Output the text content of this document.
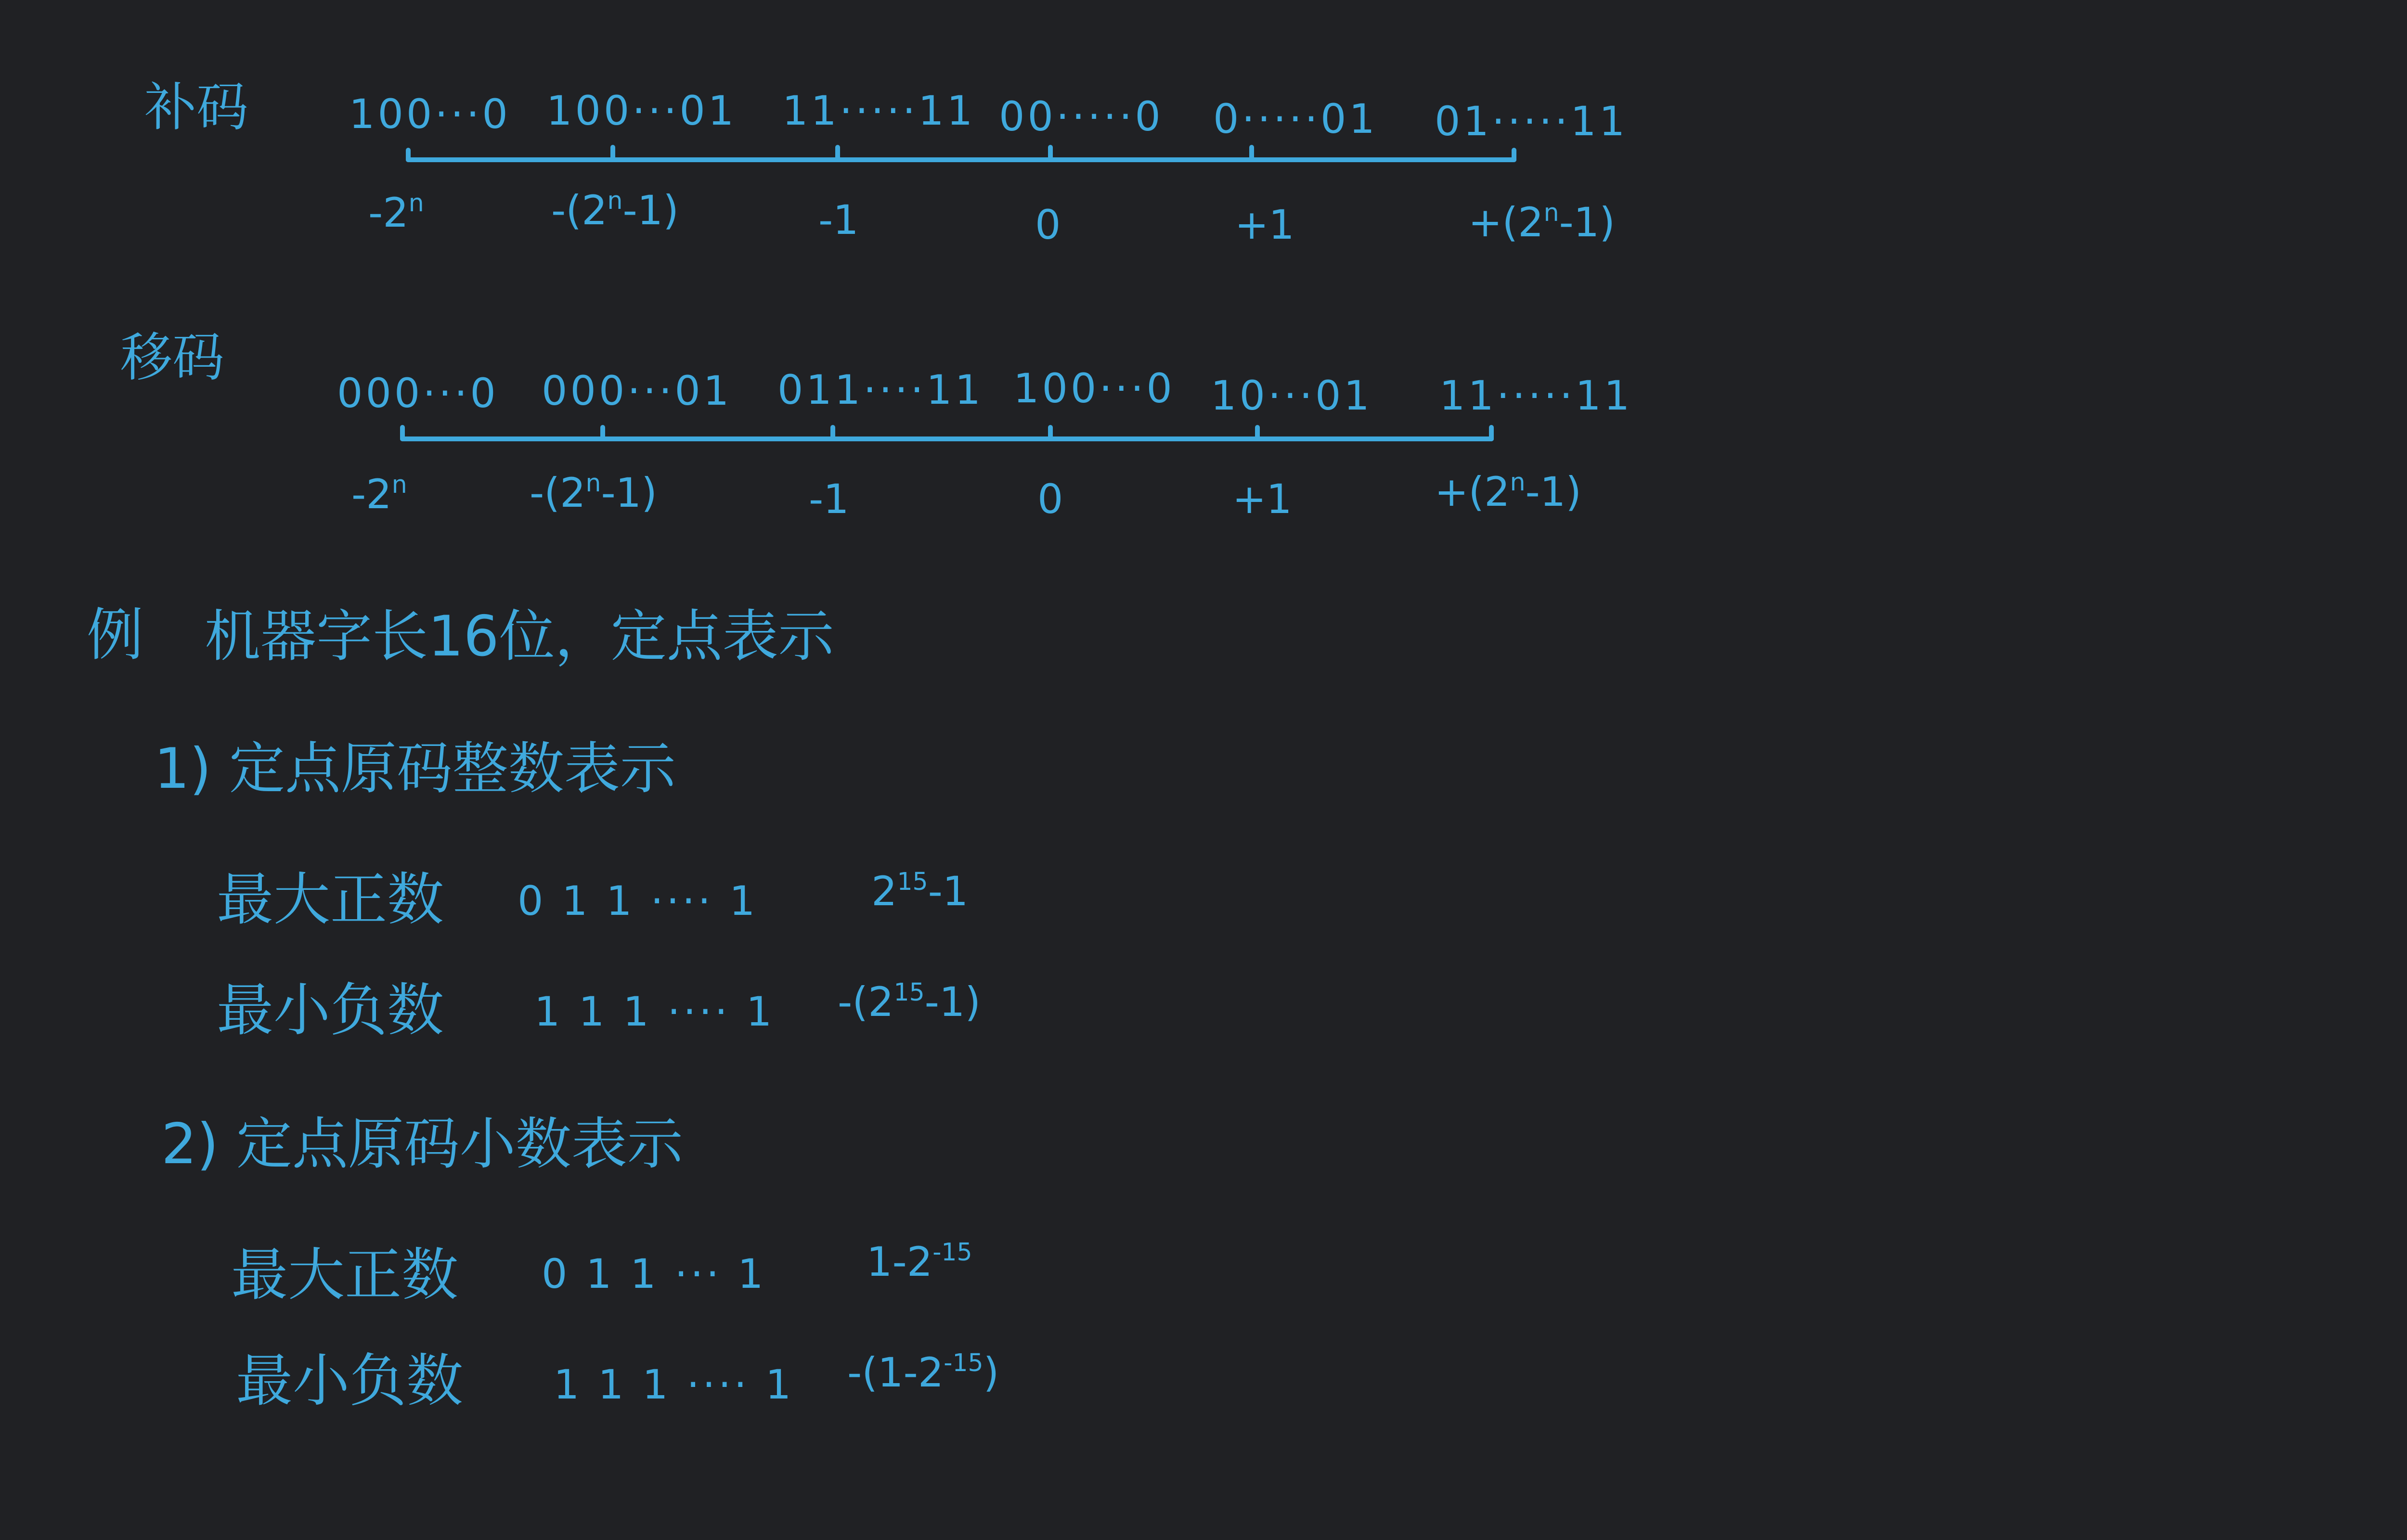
补码 100···0 100···01 11·····11 00·····0 0·····01 01·····11
-2$^n$	-(2$^n$-1)	-1	0	+1	$+(2^n-1)$
移码
000···0 000···01 011····11 100···0 10···01 11·····11
-2$^n$	-(2$^n$-1)	-1	0	+1	$+(2^n-1)$
例 机器字长16位，定点表示
1) 定点原码整数表示
最大正数 0 1 1 ···· 1	$2^{15}-1$
最小负数 1 1 1 ···· 1 $-(2^{15}-1)$
2) 定点原码小数表示
最大正数 0 1 1 ··· 1 $1-2^{-15}$
最小负数 1 1 1 ···· 1 $-(1-2^{-15})$
